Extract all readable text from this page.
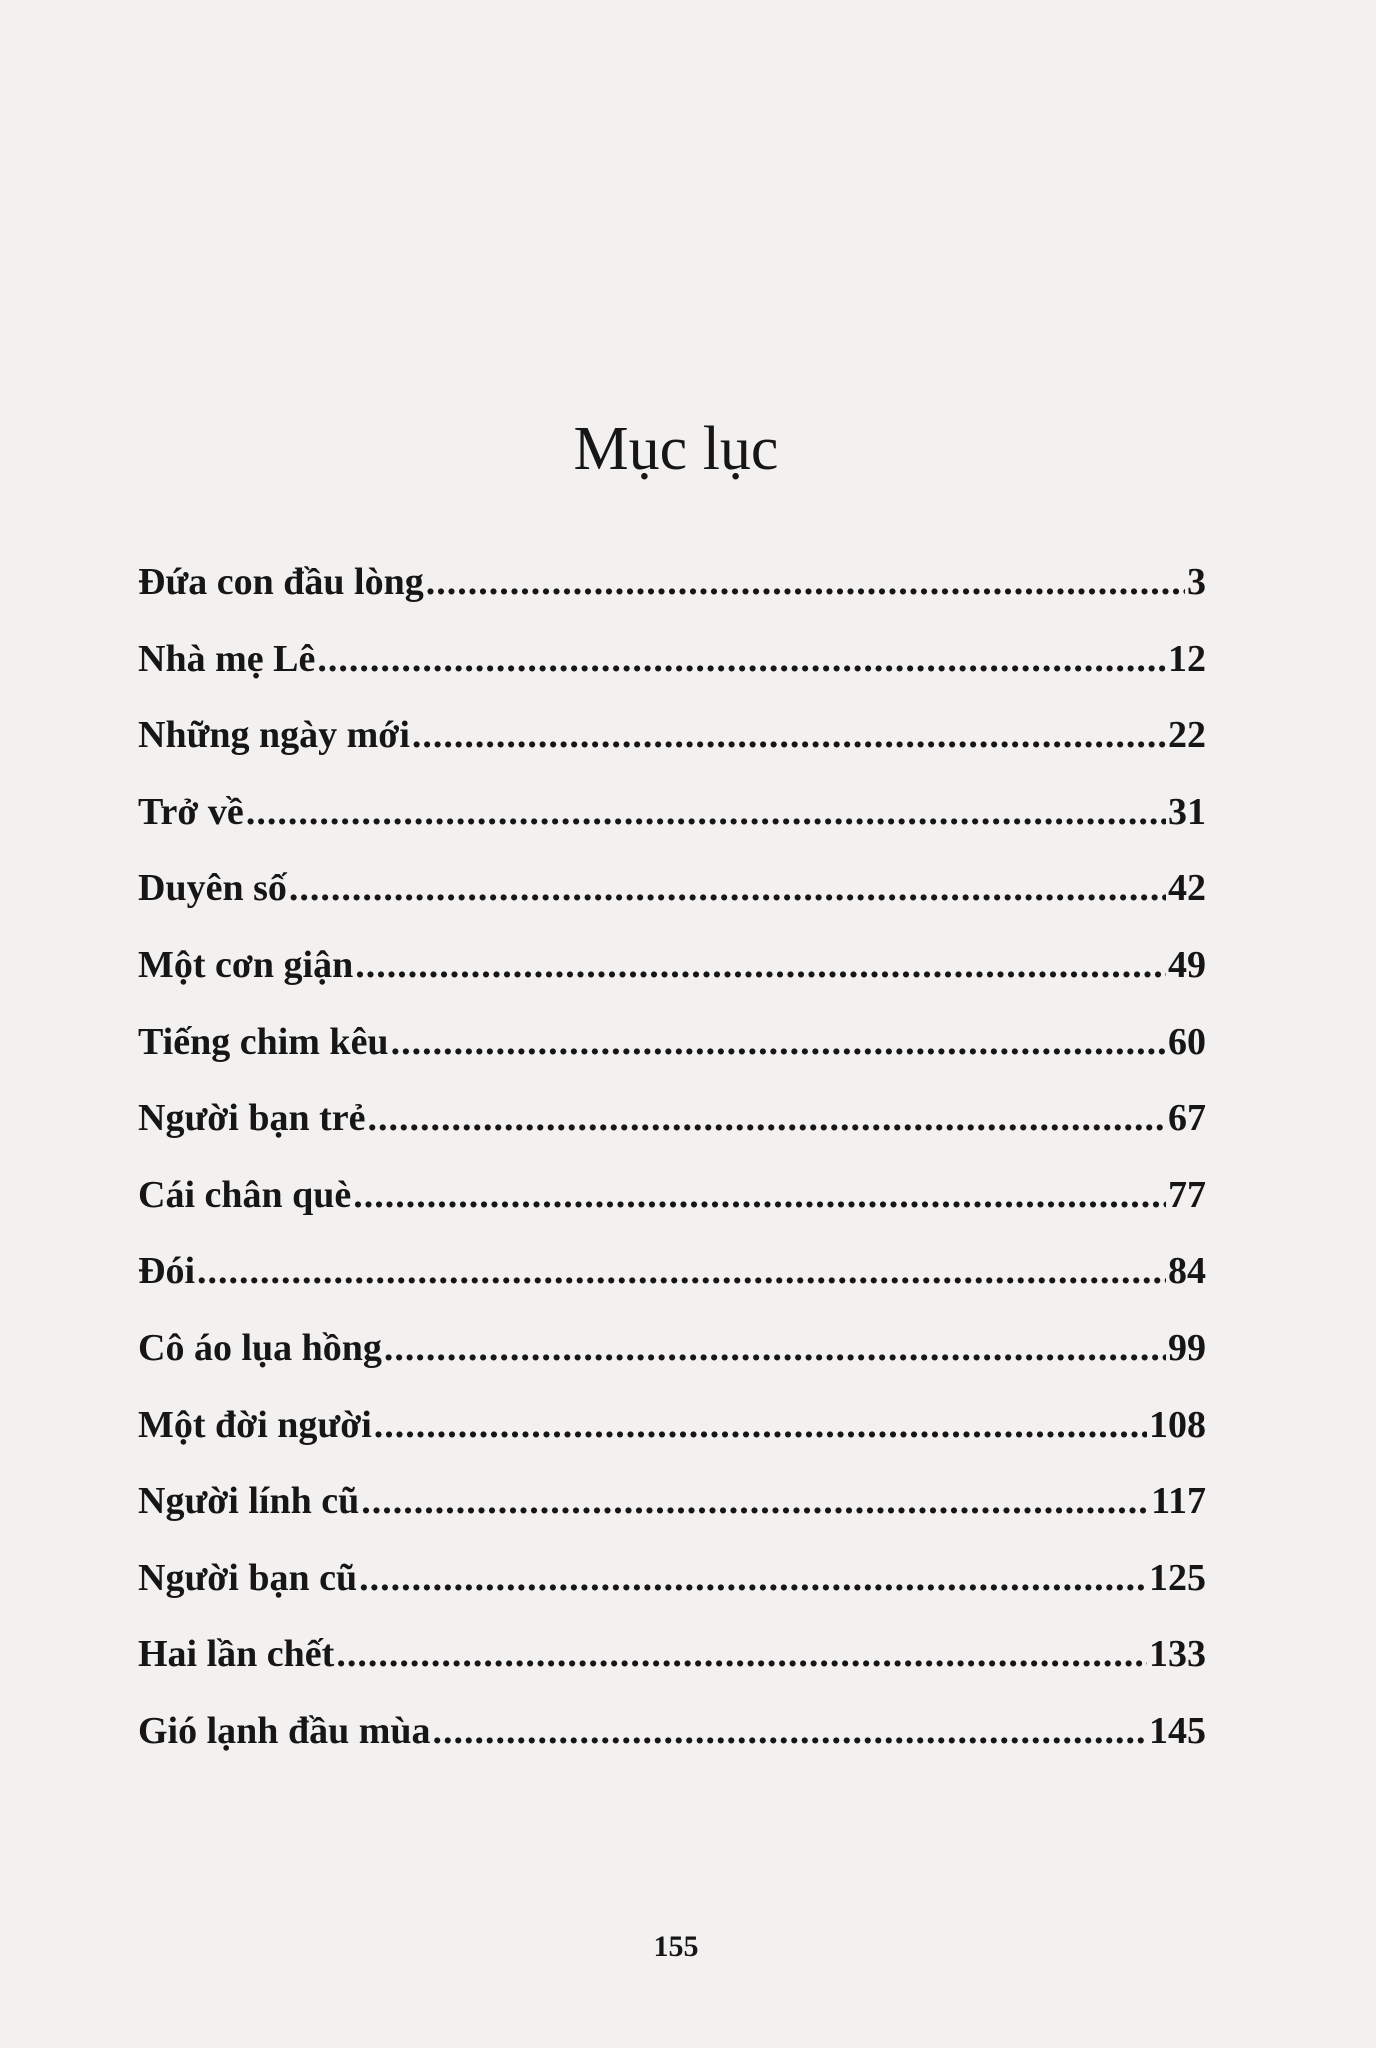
Mục lục
Đứa con đầu lòng .....	3
Nhà mẹ Lê .....	12
Những ngày mới .....	22
Trở về .....	31
Duyên số .....	42
Một cơn giận .....	49
Tiếng chim kêu .....	60
Người bạn trẻ .....	67
Cái chân què .....	77
Đói .....	84
Cô áo lụa hồng .....	99
Một đời người .....	108
Người lính cũ .....	117
Người bạn cũ .....	125
Hai lần chết .....	133
Gió lạnh đầu mùa .....	145
155
